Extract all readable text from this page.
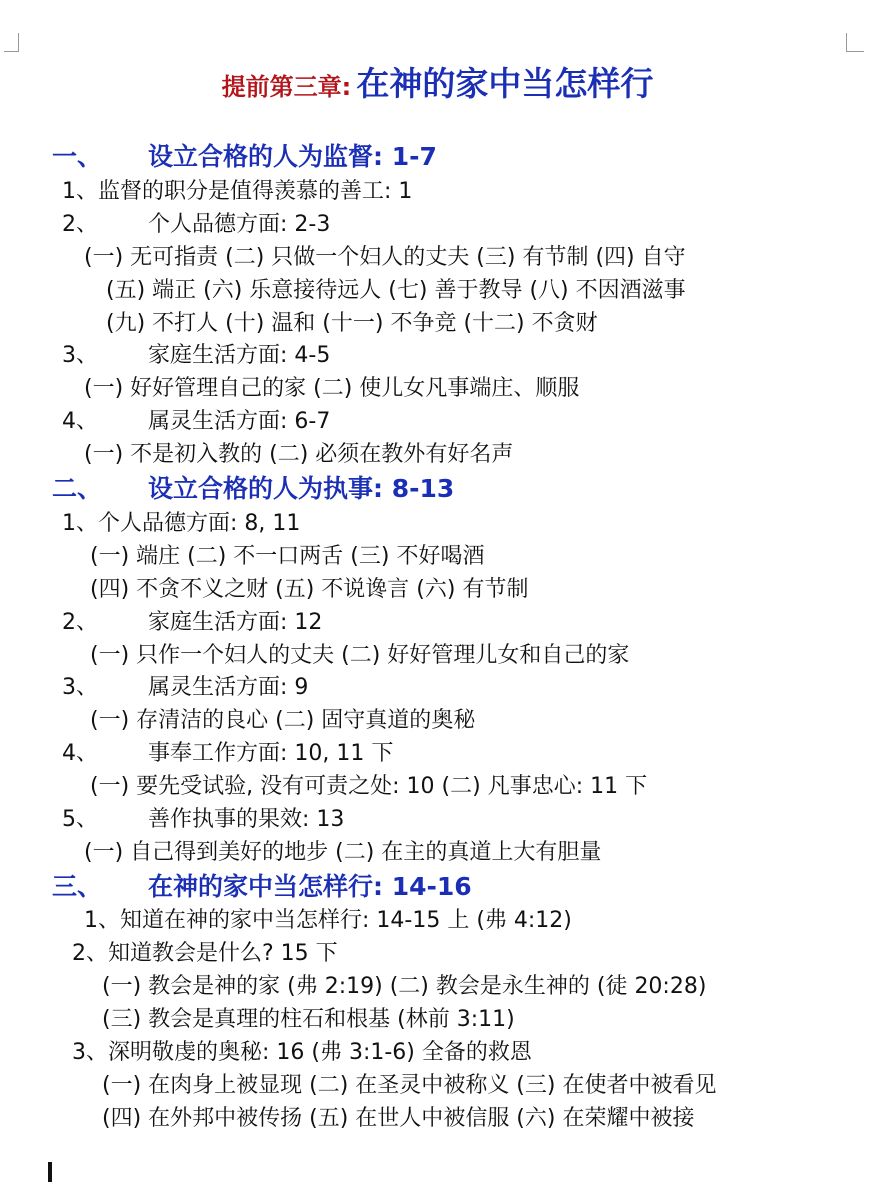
提前第三章: 在神的家中当怎样行
一、 设立合格的人为监督: 1-7
1、监督的职分是值得羡慕的善工: 1
2、 个人品德方面: 2-3
(一) 无可指责 (二) 只做一个妇人的丈夫 (三) 有节制 (四) 自守
(五) 端正 (六) 乐意接待远人 (七) 善于教导 (八) 不因酒滋事
(九) 不打人 (十) 温和 (十一) 不争竞 (十二) 不贪财
3、 家庭生活方面: 4-5
(一) 好好管理自己的家 (二) 使儿女凡事端庄、顺服
4、 属灵生活方面: 6-7
(一) 不是初入教的 (二) 必须在教外有好名声
二、 设立合格的人为执事: 8-13
1、个人品德方面: 8, 11
(一) 端庄 (二) 不一口两舌 (三) 不好喝酒
(四) 不贪不义之财 (五) 不说谗言 (六) 有节制
2、 家庭生活方面: 12
(一) 只作一个妇人的丈夫 (二) 好好管理儿女和自己的家
3、 属灵生活方面: 9
(一) 存清洁的良心 (二) 固守真道的奥秘
4、 事奉工作方面: 10, 11 下
(一) 要先受试验, 没有可责之处: 10 (二) 凡事忠心: 11 下
5、 善作执事的果效: 13
(一) 自己得到美好的地步 (二) 在主的真道上大有胆量
三、 在神的家中当怎样行: 14-16
1、知道在神的家中当怎样行: 14-15 上 (弗 4:12)
2、知道教会是什么? 15 下
(一) 教会是神的家 (弗 2:19) (二) 教会是永生神的 (徒 20:28)
(三) 教会是真理的柱石和根基 (林前 3:11)
3、深明敬虔的奥秘: 16 (弗 3:1-6) 全备的救恩
(一) 在肉身上被显现 (二) 在圣灵中被称义 (三) 在使者中被看见
(四) 在外邦中被传扬 (五) 在世人中被信服 (六) 在荣耀中被接
